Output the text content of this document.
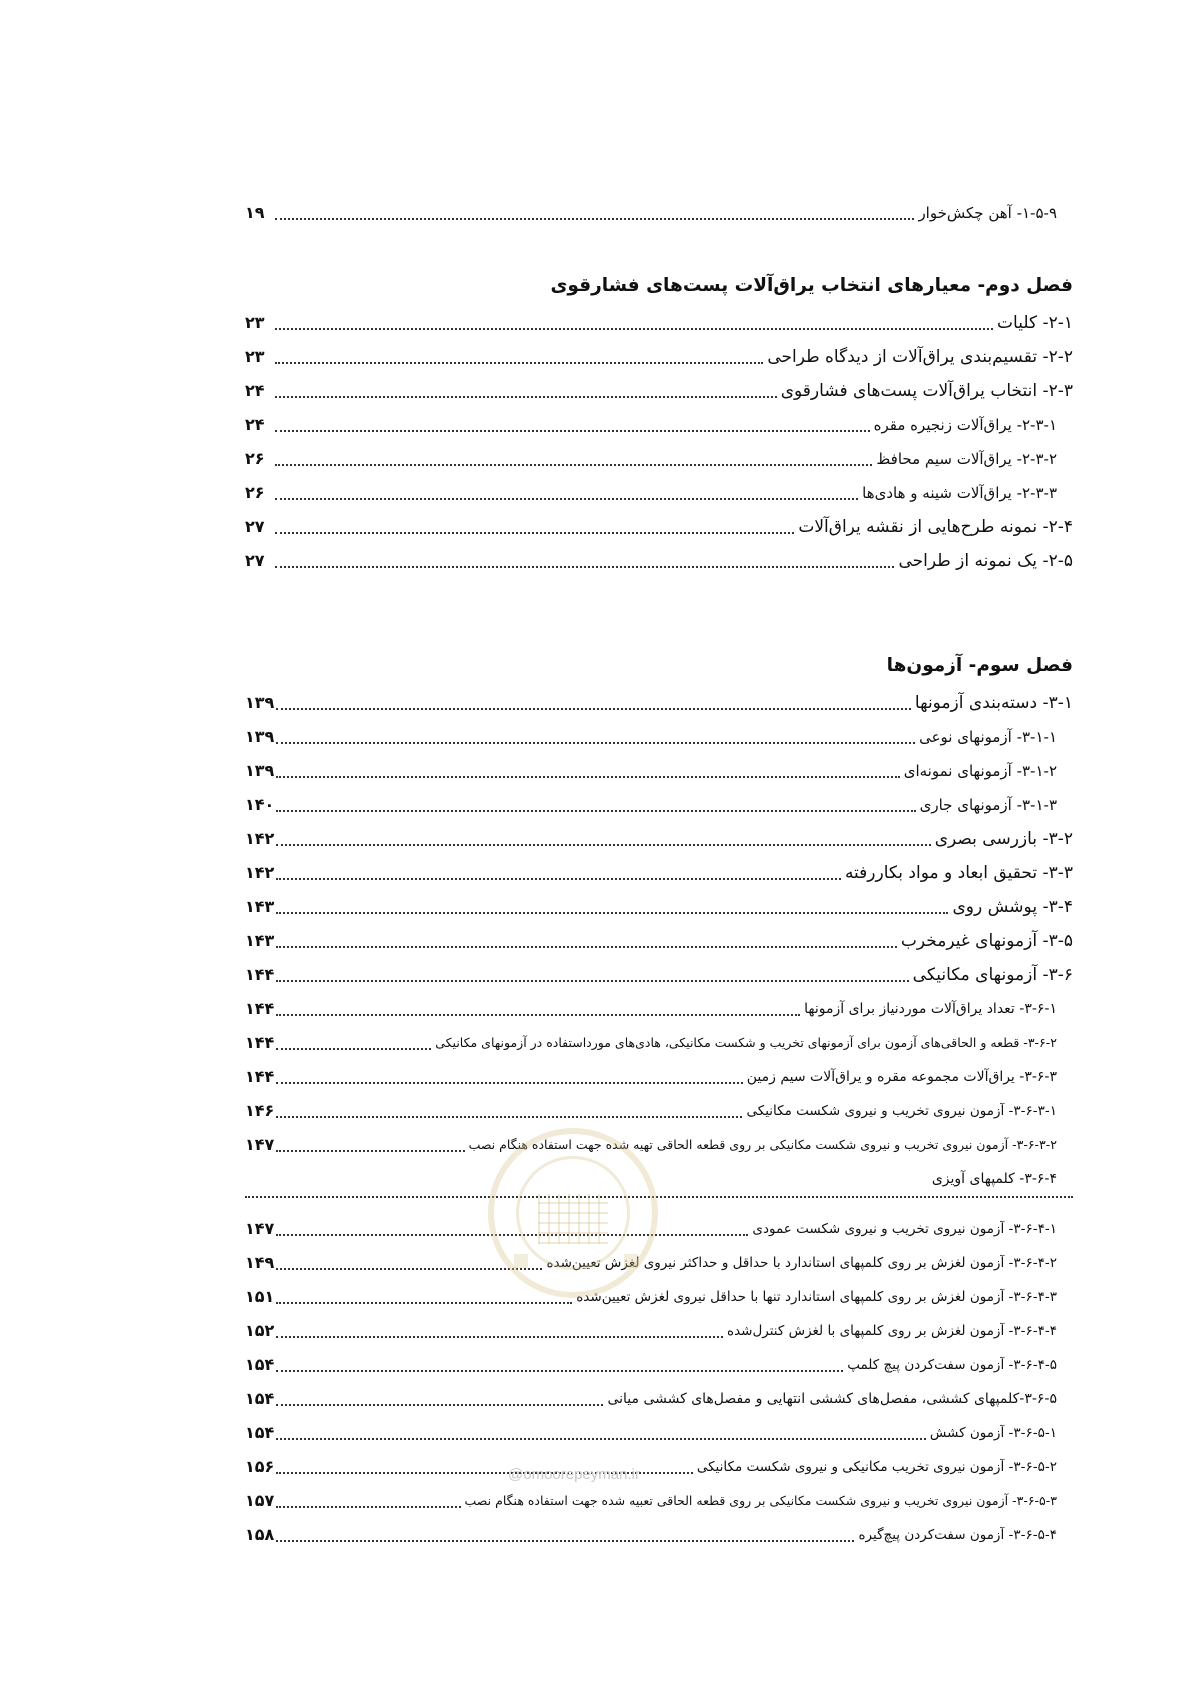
۱-۵-۹- آهن چکش‌خوار
۱۹
فصل دوم- معیارهای انتخاب یراق‌آلات پست‌های فشارقوی
۲-۱- کلیات
۲۳
۲-۲- تقسیم‌بندی یراق‌آلات از دیدگاه طراحی
۲۳
۲-۳- انتخاب یراق‌آلات پست‌های فشارقوی
۲۴
۲-۳-۱- یراق‌آلات زنجیره مقره
۲۴
۲-۳-۲- یراق‌آلات سیم محافظ
۲۶
۲-۳-۳- یراق‌آلات شینه و هادی‌ها
۲۶
۲-۴- نمونه طرح‌هایی از نقشه یراق‌آلات
۲۷
۲-۵- یک نمونه از طراحی
۲۷
فصل سوم- آزمون‌ها
۳-۱- دسته‌بندی آزمونها
۱۳۹
۳-۱-۱- آزمونهای نوعی
۱۳۹
۳-۱-۲- آزمونهای نمونه‌ای
۱۳۹
۳-۱-۳- آزمونهای جاری
۱۴۰
۳-۲- بازرسی بصری
۱۴۲
۳-۳- تحقیق ابعاد و مواد بکاررفته
۱۴۲
۳-۴- پوشش روی
۱۴۳
۳-۵- آزمونهای غیرمخرب
۱۴۳
۳-۶- آزمونهای مکانیکی
۱۴۴
۳-۶-۱- تعداد یراق‌آلات موردنیاز برای آزمونها
۱۴۴
۳-۶-۲- قطعه و الحاقی‌های آزمون برای آزمونهای تخریب و شکست مکانیکی، هادی‌های مورداستفاده در آزمونهای مکانیکی
۱۴۴
۳-۶-۳- یراق‌آلات مجموعه مقره و یراق‌آلات سیم زمین
۱۴۴
۳-۶-۳-۱- آزمون نیروی تخریب و نیروی شکست مکانیکی
۱۴۶
۳-۶-۳-۲- آزمون نیروی تخریب و نیروی شکست مکانیکی بر روی قطعه الحاقی تهیه شده جهت استفاده هنگام نصب
۱۴۷
۳-۶-۴- کلمپهای آویزی
۳-۶-۴-۱- آزمون نیروی تخریب و نیروی شکست عمودی
۱۴۷
۳-۶-۴-۲- آزمون لغزش بر روی کلمپهای استاندارد با حداقل و حداکثر نیروی لغزش تعیین‌شده
۱۴۹
۳-۶-۴-۳- آزمون لغزش بر روی کلمپهای استاندارد تنها با حداقل نیروی لغزش تعیین‌شده
۱۵۱
۳-۶-۴-۴- آزمون لغزش بر روی کلمپهای با لغزش کنترل‌شده
۱۵۲
۳-۶-۴-۵- آزمون سفت‌کردن پیچ کلمپ
۱۵۴
۳-۶-۵-کلمپهای کششی، مفصل‌های کششی انتهایی و مفصل‌های کششی میانی
۱۵۴
۳-۶-۵-۱- آزمون کشش
۱۵۴
۳-۶-۵-۲- آزمون نیروی تخریب مکانیکی و نیروی شکست مکانیکی
۱۵۶
۳-۶-۵-۳- آزمون نیروی تخریب و نیروی شکست مکانیکی بر روی قطعه الحاقی تعبیه شده جهت استفاده هنگام نصب
۱۵۷
۳-۶-۵-۴- آزمون سفت‌کردن پیچ‌گیره
۱۵۸
@omoorepeyman.ir
